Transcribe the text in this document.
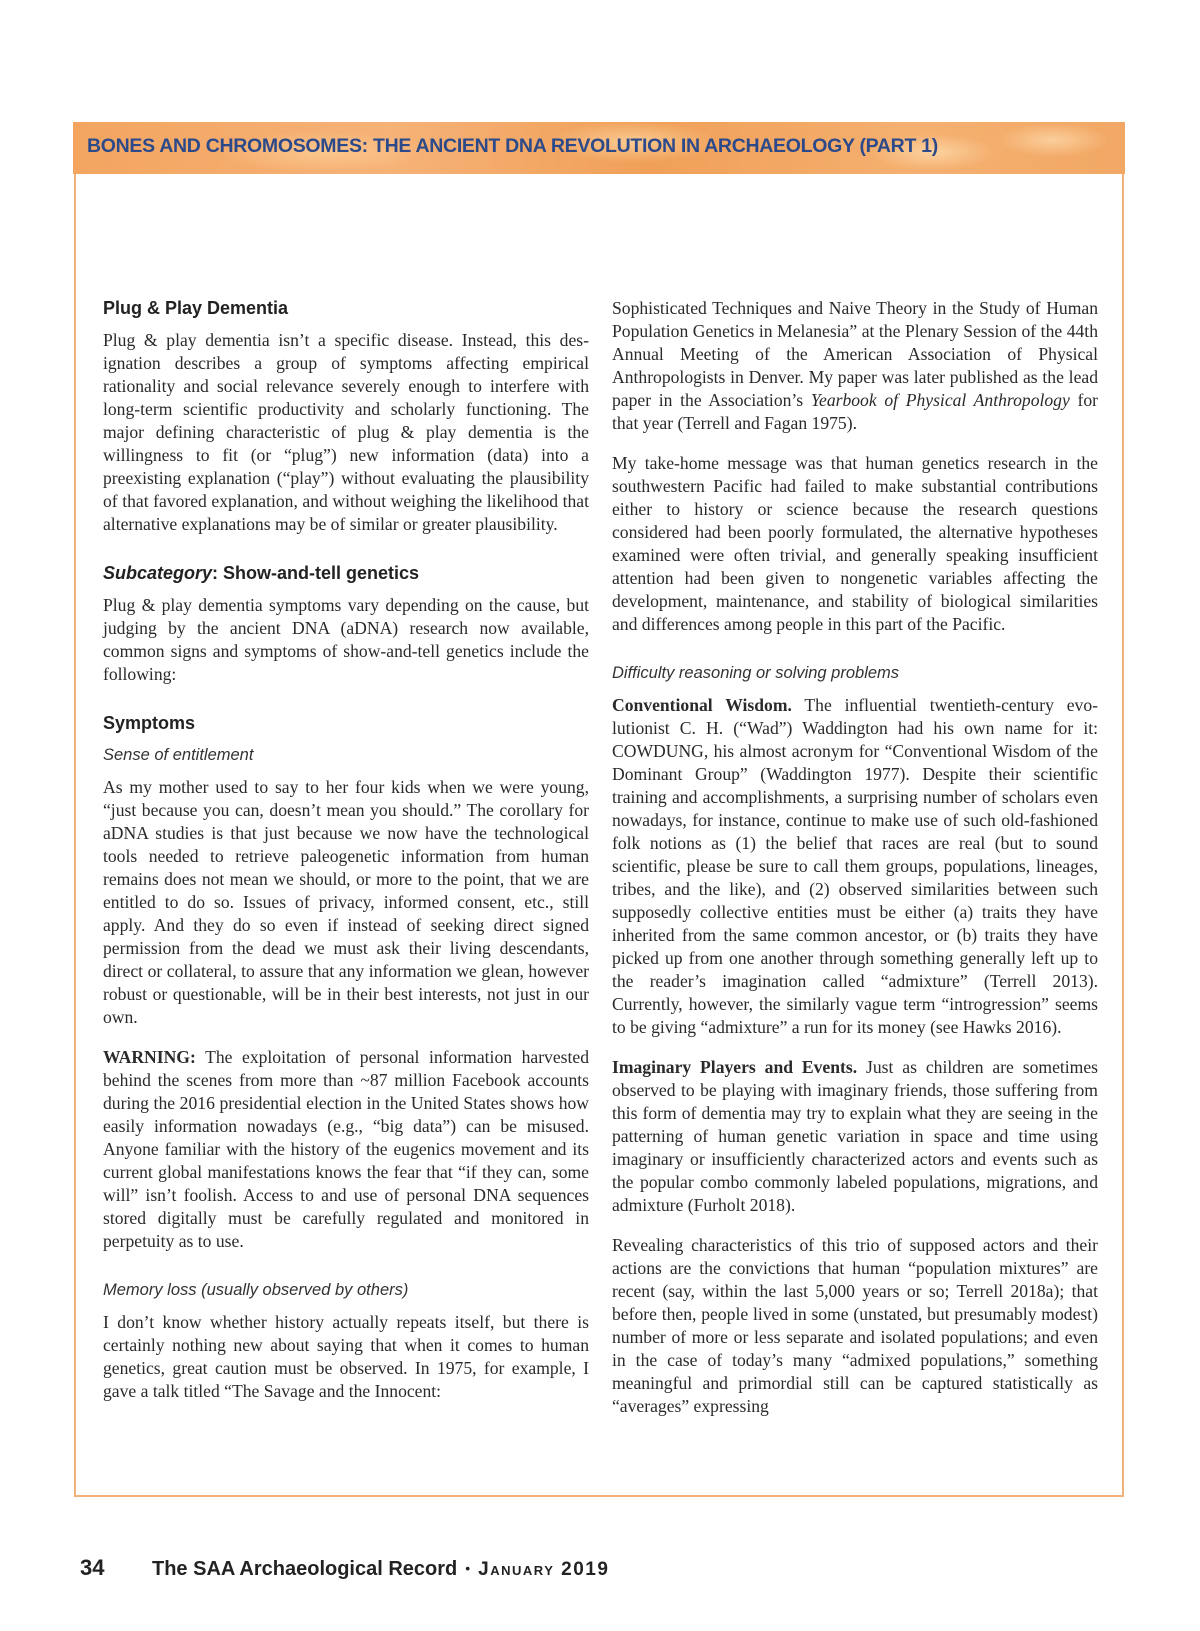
BONES AND CHROMOSOMES: THE ANCIENT DNA REVOLUTION IN ARCHAEOLOGY (PART 1)
Plug & Play Dementia

Plug & play dementia isn’t a specific disease. Instead, this designation describes a group of symptoms affecting empirical rationality and social relevance severely enough to interfere with long-term scientific productivity and scholarly functioning. The major defining characteristic of plug & play dementia is the willingness to fit (or “plug”) new information (data) into a preexisting explanation (“play”) without evaluating the plausibility of that favored explanation, and without weighing the likelihood that alternative explanations may be of similar or greater plausibility.

Subcategory: Show-and-tell genetics

Plug & play dementia symptoms vary depending on the cause, but judging by the ancient DNA (aDNA) research now available, common signs and symptoms of show-and-tell genetics include the following:

Symptoms
Sense of entitlement

As my mother used to say to her four kids when we were young, “just because you can, doesn’t mean you should.” The corollary for aDNA studies is that just because we now have the technological tools needed to retrieve paleogenetic information from human remains does not mean we should, or more to the point, that we are entitled to do so. Issues of privacy, informed consent, etc., still apply. And they do so even if instead of seeking direct signed permission from the dead we must ask their living descendants, direct or collateral, to assure that any information we glean, however robust or questionable, will be in their best interests, not just in our own.

WARNING: The exploitation of personal information harvested behind the scenes from more than ~87 million Facebook accounts during the 2016 presidential election in the United States shows how easily information nowadays (e.g., “big data”) can be misused. Anyone familiar with the history of the eugenics movement and its current global manifestations knows the fear that “if they can, some will” isn’t foolish. Access to and use of personal DNA sequences stored digitally must be carefully regulated and monitored in perpetuity as to use.

Memory loss (usually observed by others)

I don’t know whether history actually repeats itself, but there is certainly nothing new about saying that when it comes to human genetics, great caution must be observed. In 1975, for example, I gave a talk titled “The Savage and the Innocent:

Sophisticated Techniques and Naive Theory in the Study of Human Population Genetics in Melanesia” at the Plenary Session of the 44th Annual Meeting of the American Association of Physical Anthropologists in Denver. My paper was later published as the lead paper in the Association’s Yearbook of Physical Anthropology for that year (Terrell and Fagan 1975).

My take-home message was that human genetics research in the southwestern Pacific had failed to make substantial contributions either to history or science because the research questions considered had been poorly formulated, the alternative hypotheses examined were often trivial, and generally speaking insufficient attention had been given to nongenetic variables affecting the development, maintenance, and stability of biological similarities and differences among people in this part of the Pacific.

Difficulty reasoning or solving problems

Conventional Wisdom. The influential twentieth-century evolutionist C. H. (“Wad”) Waddington had his own name for it: COWDUNG, his almost acronym for “Conventional Wisdom of the Dominant Group” (Waddington 1977). Despite their scientific training and accomplishments, a surprising number of scholars even nowadays, for instance, continue to make use of such old-fashioned folk notions as (1) the belief that races are real (but to sound scientific, please be sure to call them groups, populations, lineages, tribes, and the like), and (2) observed similarities between such supposedly collective entities must be either (a) traits they have inherited from the same common ancestor, or (b) traits they have picked up from one another through something generally left up to the reader’s imagination called “admixture” (Terrell 2013). Currently, however, the similarly vague term “introgression” seems to be giving “admixture” a run for its money (see Hawks 2016).

Imaginary Players and Events. Just as children are sometimes observed to be playing with imaginary friends, those suffering from this form of dementia may try to explain what they are seeing in the patterning of human genetic variation in space and time using imaginary or insufficiently characterized actors and events such as the popular combo commonly labeled populations, migrations, and admixture (Furholt 2018).

Revealing characteristics of this trio of supposed actors and their actions are the convictions that human “population mixtures” are recent (say, within the last 5,000 years or so; Terrell 2018a); that before then, people lived in some (unstated, but presumably modest) number of more or less separate and isolated populations; and even in the case of today’s many “admixed populations,” something meaningful and primordial still can be captured statistically as “averages” expressing

34 The SAA Archaeological Record • January 2019
